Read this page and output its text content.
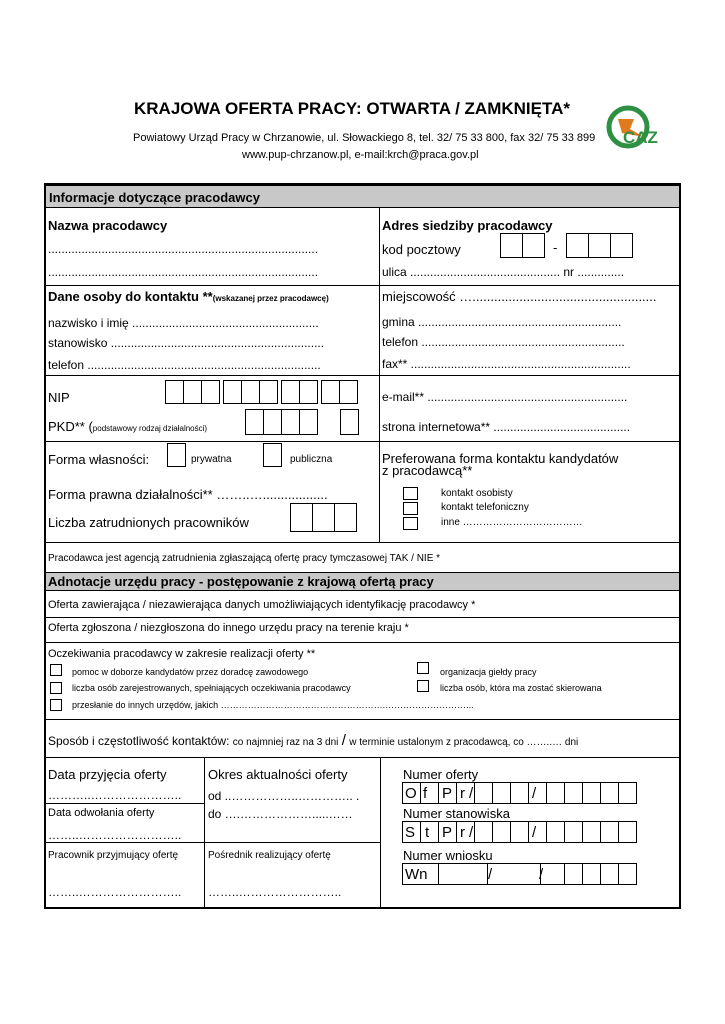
KRAJOWA OFERTA PRACY: OTWARTA / ZAMKNIĘTA*
Powiatowy Urząd Pracy w Chrzanowie, ul. Słowackiego 8, tel. 32/ 75 33 800, fax 32/ 75 33 899
www.pup-chrzanow.pl, e-mail:krch@praca.gov.pl
CAZ
Informacje dotyczące pracodawcy
Nazwa pracodawcy
.................................................................................
.................................................................................
Dane osoby do kontaktu **(wskazanej przez pracodawcę)
nazwisko i imię ........................................................
stanowisko ................................................................
telefon ......................................................................
NIP
PKD** (podstawowy rodzaj działalności)
Forma własności:	prywatna	publiczna
Forma prawna działalności** ……..…..................
Liczba zatrudnionych pracowników
Adres siedziby pracodawcy
kod pocztowy	-
ulica ............................................. nr ..............
miejscowość …...................................................
gmina .............................................................
telefon .............................................................
fax** ..................................................................
e-mail** ............................................................
strona internetowa** .........................................
Preferowana forma kontaktu kandydatów
z pracodawcą**
kontakt osobisty
kontakt telefoniczny
inne ………………………………
Pracodawca jest agencją zatrudnienia zgłaszającą ofertę pracy tymczasowej TAK / NIE *
Adnotacje urzędu pracy - postępowanie z krajową ofertą pracy
Oferta zawierająca / niezawierająca danych umożliwiających identyfikację pracodawcy *
Oferta zgłoszona / niezgłoszona do innego urzędu pracy na terenie kraju *
Oczekiwania pracodawcy w zakresie realizacji oferty **
pomoc w doborze kandydatów przez doradcę zawodowego
liczba osób zarejestrowanych, spełniających oczekiwania pracodawcy
przesłanie do innych urzędów, jakich ……………………………………………….………………………...
organizacja giełdy pracy
liczba osób, która ma zostać skierowana
Sposób i częstotliwość kontaktów: co najmniej raz na 3 dni / w terminie ustalonym z pracodawcą, co ……..… dni
Data przyjęcia oferty
………..…………………..
Data odwołania oferty
……..……………………..
Pracownik przyjmujący ofertę
……..……………………..
Okres aktualności oferty
od ..……………..………….. .
do ….……………….....……
Pośrednik realizujący ofertę
……..……………………..
Numer oferty
O f P r /	/
Numer stanowiska
S t P r /	/
Numer wniosku
Wn	/	/
